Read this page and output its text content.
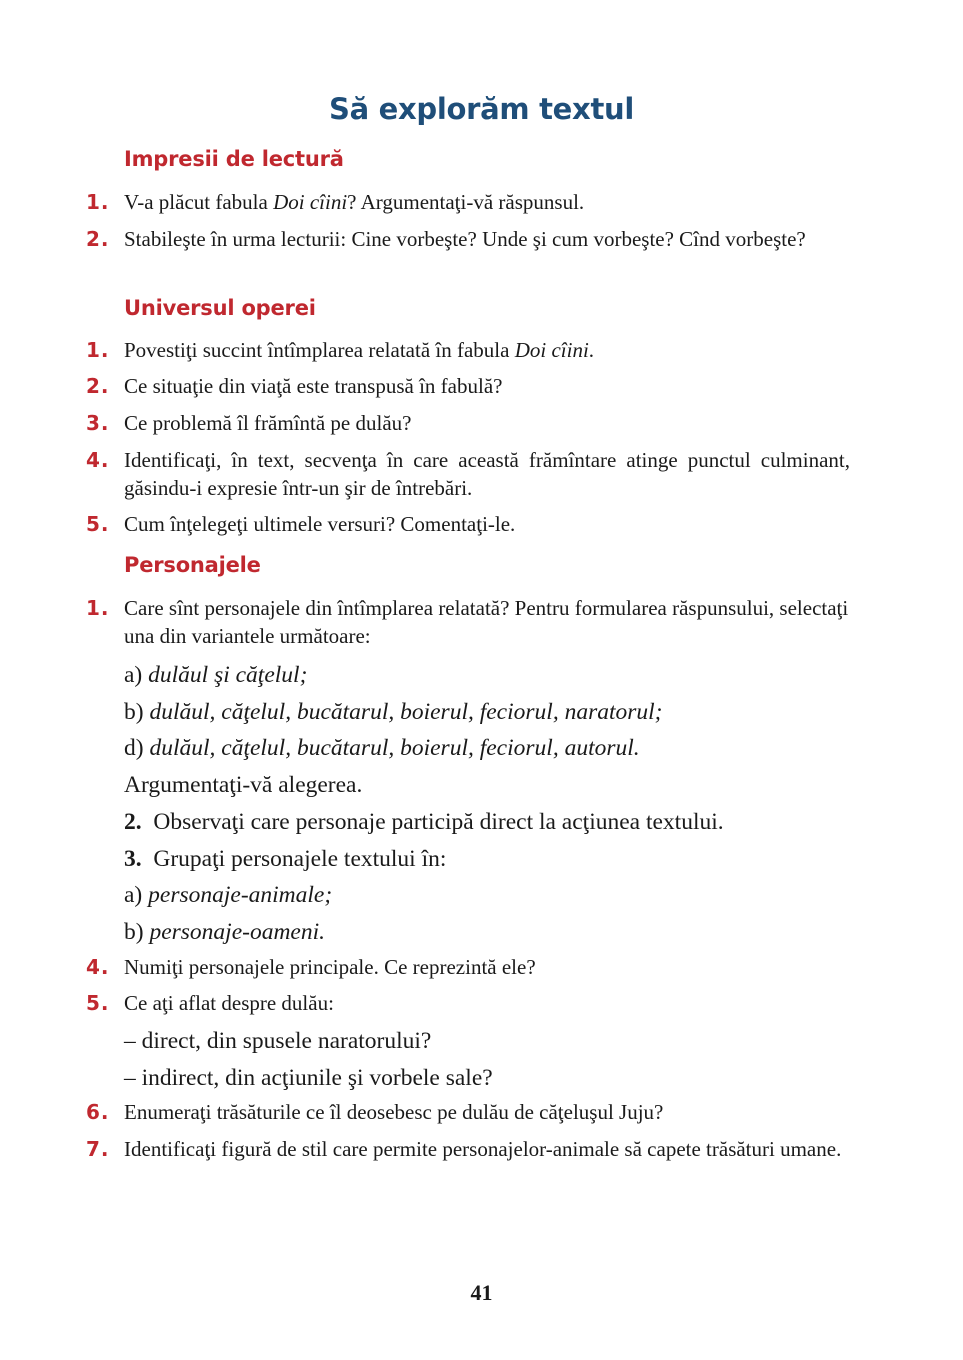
Să explorăm textul
Impresii de lectură
1. V-a plăcut fabula Doi cîini? Argumentaţi-vă răspunsul.
2. Stabileşte în urma lecturii: Cine vorbeşte? Unde şi cum vorbeşte? Cînd vorbeşte?
Universul operei
1. Povestiţi succint întîmplarea relatată în fabula Doi cîini.
2. Ce situaţie din viaţă este transpusă în fabulă?
3. Ce problemă îl frămîntă pe dulău?
4. Identificaţi, în text, secvenţa în care această frămîntare atinge punctul culminant, găsindu-i expresie într-un şir de întrebări.
5. Cum înţelegeţi ultimele versuri? Comentaţi-le.
Personajele
1. Care sînt personajele din întîmplarea relatată? Pentru formularea răspunsului, selectaţi una din variantele următoare:
a) dulăul şi căţelul;
b) dulăul, căţelul, bucătarul, boierul, feciorul, naratorul;
d) dulăul, căţelul, bucătarul, boierul, feciorul, autorul.
Argumentaţi-vă alegerea.
2. Observaţi care personaje participă direct la acţiunea textului.
3. Grupaţi personajele textului în:
a) personaje-animale;
b) personaje-oameni.
4. Numiţi personajele principale. Ce reprezintă ele?
5. Ce aţi aflat despre dulău:
– direct, din spusele naratorului?
– indirect, din acţiunile şi vorbele sale?
6. Enumeraţi trăsăturile ce îl deosebesc pe dulău de căţeluşul Juju?
7. Identificaţi figură de stil care permite personajelor-animale să capete trăsături umane.
41
